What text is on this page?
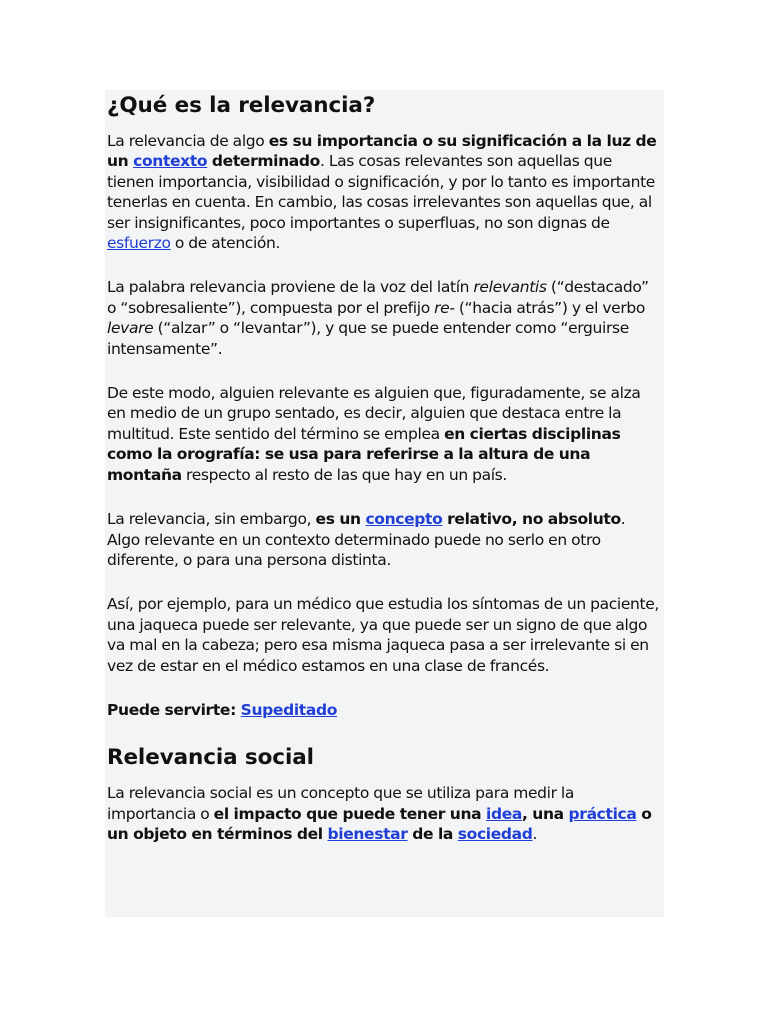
¿Qué es la relevancia?

La relevancia de algo es su importancia o su significación a la luz de un contexto determinado. Las cosas relevantes son aquellas que tienen importancia, visibilidad o significación, y por lo tanto es importante tenerlas en cuenta. En cambio, las cosas irrelevantes son aquellas que, al ser insignificantes, poco importantes o superfluas, no son dignas de esfuerzo o de atención.

La palabra relevancia proviene de la voz del latín relevantis (“destacado” o “sobresaliente”), compuesta por el prefijo re- (“hacia atrás”) y el verbo levare (“alzar” o “levantar”), y que se puede entender como “erguirse intensamente”.

De este modo, alguien relevante es alguien que, figuradamente, se alza en medio de un grupo sentado, es decir, alguien que destaca entre la multitud. Este sentido del término se emplea en ciertas disciplinas como la orografía: se usa para referirse a la altura de una montaña respecto al resto de las que hay en un país.

La relevancia, sin embargo, es un concepto relativo, no absoluto. Algo relevante en un contexto determinado puede no serlo en otro diferente, o para una persona distinta.

Así, por ejemplo, para un médico que estudia los síntomas de un paciente, una jaqueca puede ser relevante, ya que puede ser un signo de que algo va mal en la cabeza; pero esa misma jaqueca pasa a ser irrelevante si en vez de estar en el médico estamos en una clase de francés.

Puede servirte: Supeditado

Relevancia social

La relevancia social es un concepto que se utiliza para medir la importancia o el impacto que puede tener una idea, una práctica o un objeto en términos del bienestar de la sociedad.
